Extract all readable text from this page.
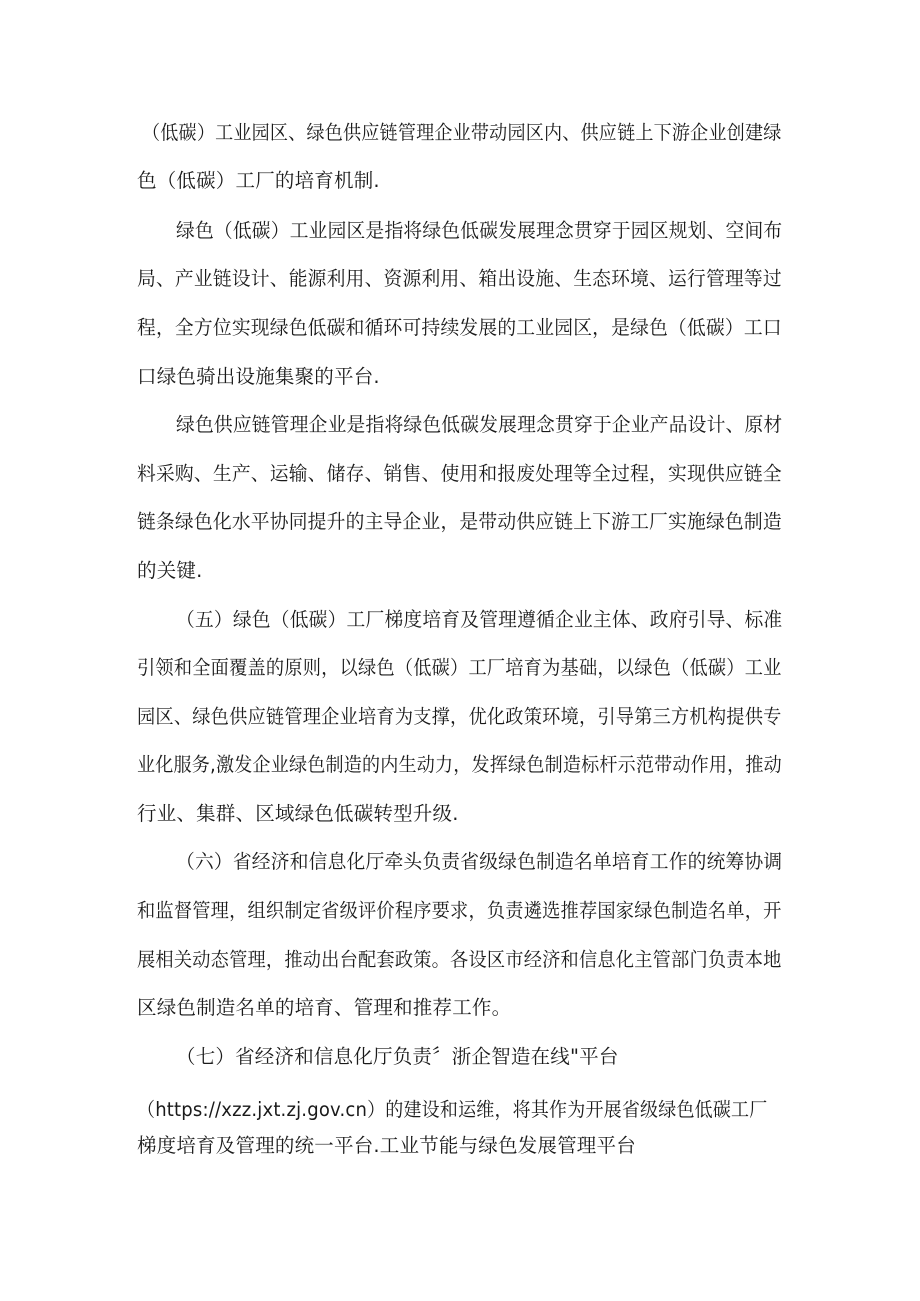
（低碳）工业园区、绿色供应链管理企业带动园区内、供应链上下游企业创建绿
色（低碳）工厂的培育机制.
绿色（低碳）工业园区是指将绿色低碳发展理念贯穿于园区规划、空间布
局、产业链设计、能源利用、资源利用、箱出设施、生态环境、运行管理等过
程，全方位实现绿色低碳和循环可持续发展的工业园区，是绿色（低碳）工口
口绿色骑出设施集聚的平台.
绿色供应链管理企业是指将绿色低碳发展理念贯穿于企业产品设计、原材
料采购、生产、运输、储存、销售、使用和报废处理等全过程，实现供应链全
链条绿色化水平协同提升的主导企业，是带动供应链上下游工厂实施绿色制造
的关键.
（五）绿色（低碳）工厂梯度培育及管理遵循企业主体、政府引导、标准
引领和全面覆盖的原则，以绿色（低碳）工厂培育为基础，以绿色（低碳）工业
园区、绿色供应链管理企业培育为支撑，优化政策环境，引导第三方机构提供专
业化服务,激发企业绿色制造的内生动力，发挥绿色制造标杆示范带动作用，推动
行业、集群、区域绿色低碳转型升级.
（六）省经济和信息化厅牵头负责省级绿色制造名单培育工作的统筹协调
和监督管理，组织制定省级评价程序要求，负责遴选推荐国家绿色制造名单，开
展相关动态管理，推动出台配套政策。各设区市经济和信息化主管部门负责本地
区绿色制造名单的培育、管理和推荐工作。
（七）省经济和信息化厅负责〞浙企智造在线"平台
（https://xzz.jxt.zj.gov.cn）的建设和运维，将其作为开展省级绿色低碳工厂
梯度培育及管理的统一平台.工业节能与绿色发展管理平台
